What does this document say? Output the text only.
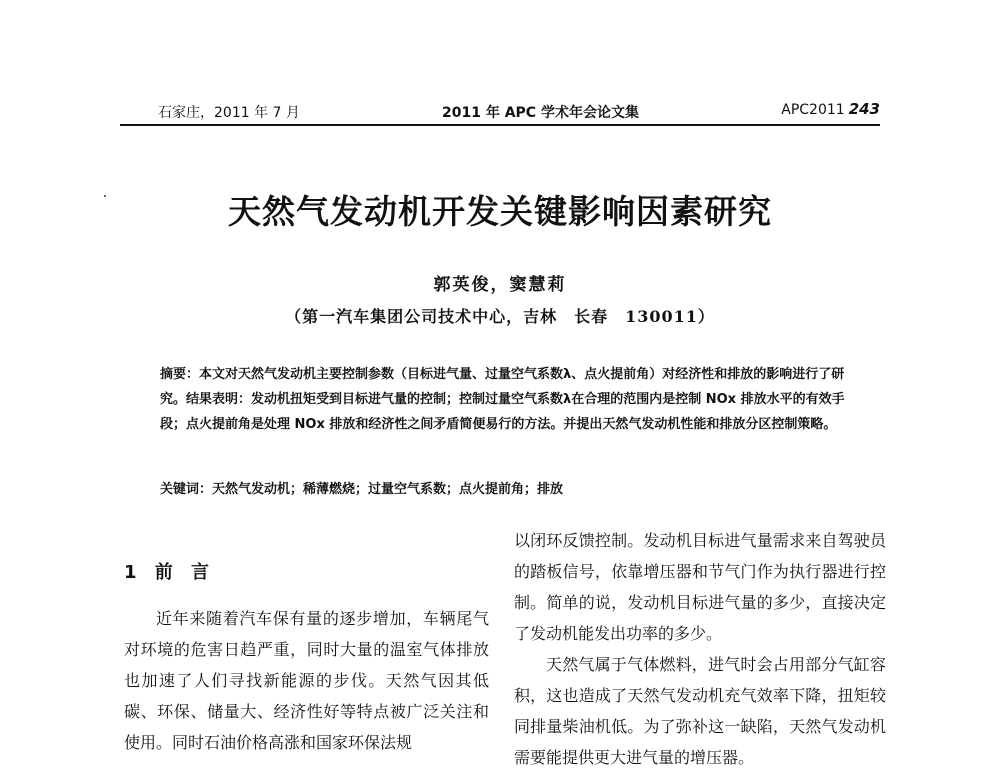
石家庄，2011 年 7 月	2011 年 APC 学术年会论文集	APC2011 243
天然气发动机开发关键影响因素研究
郭英俊，窦慧莉
（第一汽车集团公司技术中心，吉林　长春　130011）
摘要：本文对天然气发动机主要控制参数（目标进气量、过量空气系数λ、点火提前角）对经济性和排放的影响进行了研究。结果表明：发动机扭矩受到目标进气量的控制；控制过量空气系数λ在合理的范围内是控制 NOx 排放水平的有效手段；点火提前角是处理 NOx 排放和经济性之间矛盾简便易行的方法。并提出天然气发动机性能和排放分区控制策略。
关键词：天然气发动机；稀薄燃烧；过量空气系数；点火提前角；排放
1 前 言

近年来随着汽车保有量的逐步增加，车辆尾气对环境的危害日趋严重，同时大量的温室气体排放也加速了人们寻找新能源的步伐。天然气因其低碳、环保、储量大、经济性好等特点被广泛关注和使用。同时石油价格高涨和国家环保法规

以闭环反馈控制。发动机目标进气量需求来自驾驶员的踏板信号，依靠增压器和节气门作为执行器进行控制。简单的说，发动机目标进气量的多少，直接决定了发动机能发出功率的多少。

天然气属于气体燃料，进气时会占用部分气缸容积，这也造成了天然气发动机充气效率下降，扭矩较同排量柴油机低。为了弥补这一缺陷，天然气发动机需要能提供更大进气量的增压器。
